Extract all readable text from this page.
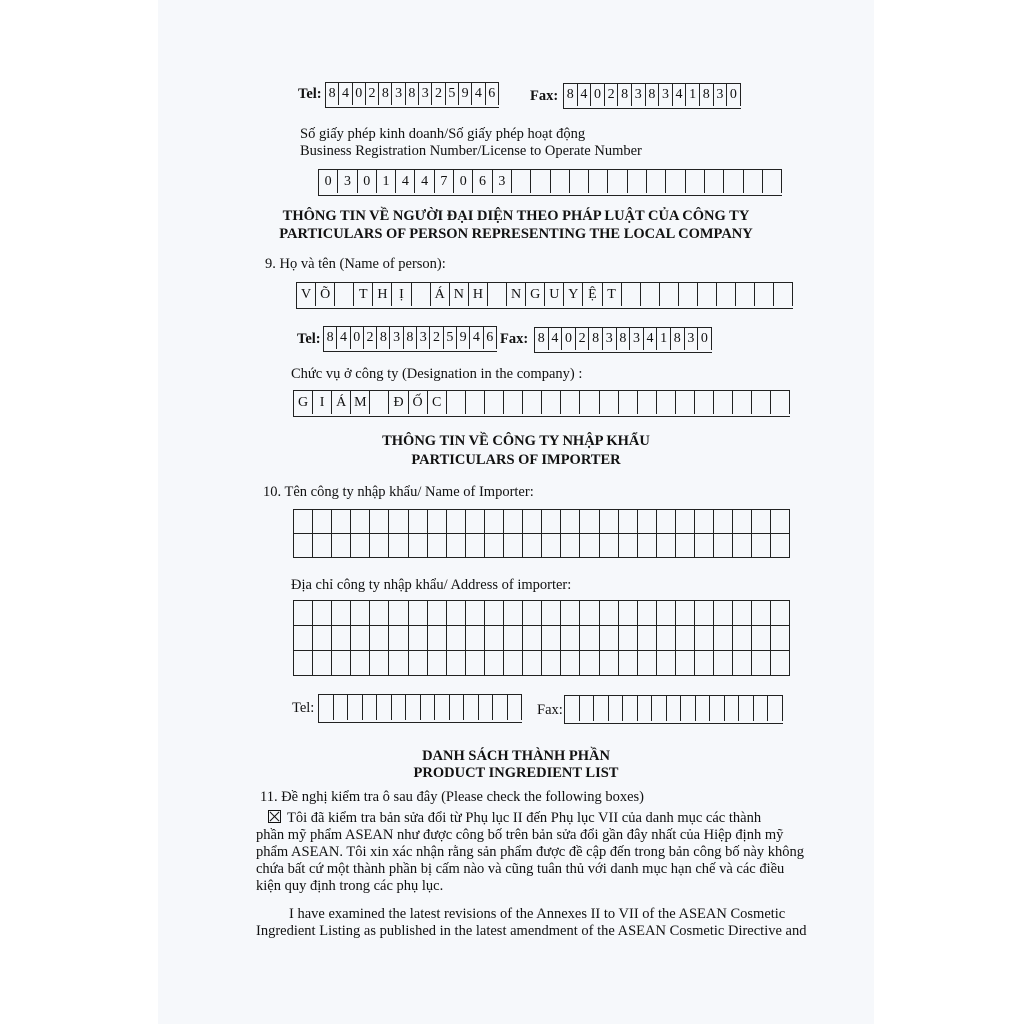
Tel: 8 4 0 2 8 3 8 3 2 5 9 4 6 Fax: 8 4 0 2 8 3 8 3 4 1 8 3 0
Số giấy phép kinh doanh/Số giấy phép hoạt động
Business Registration Number/License to Operate Number
0 3 0 1 4 4 7 0 6 3
THÔNG TIN VỀ NGƯỜI ĐẠI DIỆN THEO PHÁP LUẬT CỦA CÔNG TY
PARTICULARS OF PERSON REPRESENTING THE LOCAL COMPANY
9. Họ và tên (Name of person):
V Õ	T H Ị	Á N H	N G U Y Ệ T
Tel: 8 4 0 2 8 3 8 3 2 5 9 4 6 Fax: 8 4 0 2 8 3 8 3 4 1 8 3 0
Chức vụ ở công ty (Designation in the company) :
G I Á M Đ Ố C
THÔNG TIN VỀ CÔNG TY NHẬP KHẨU
PARTICULARS OF IMPORTER
10. Tên công ty nhập khẩu/ Name of Importer:
Địa chỉ công ty nhập khẩu/ Address of importer:
Tel:	Fax:
DANH SÁCH THÀNH PHẦN
PRODUCT INGREDIENT LIST
11. Đề nghị kiểm tra ô sau đây (Please check the following boxes)
Tôi đã kiểm tra bản sửa đổi từ Phụ lục II đến Phụ lục VII của danh mục các thành
phần mỹ phẩm ASEAN như được công bố trên bản sửa đổi gần đây nhất của Hiệp định mỹ
phẩm ASEAN. Tôi xin xác nhận rằng sản phẩm được đề cập đến trong bản công bố này không
chứa bất cứ một thành phần bị cấm nào và cũng tuân thủ với danh mục hạn chế và các điều
kiện quy định trong các phụ lục.
I have examined the latest revisions of the Annexes II to VII of the ASEAN Cosmetic
Ingredient Listing as published in the latest amendment of the ASEAN Cosmetic Directive and
